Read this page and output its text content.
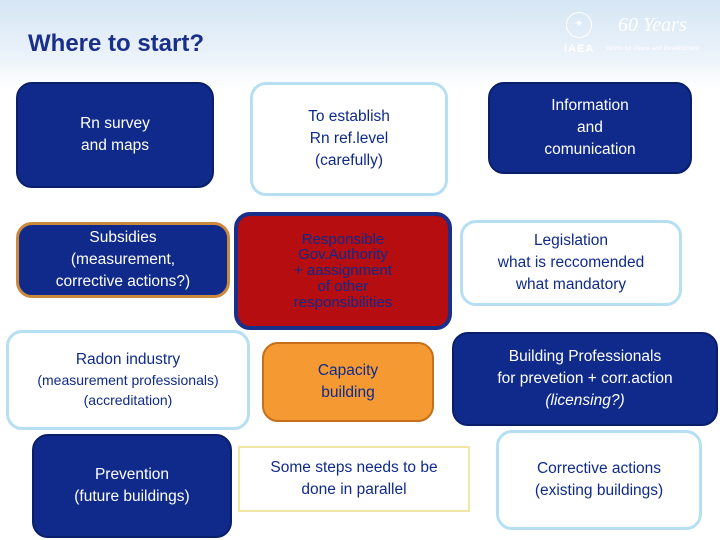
Where to start?
✦	60 Years
IAEA Atoms for Peace and Development
Rn survey
and maps
To establish
Rn ref.level
(carefully)
Information
and
comunication
Subsidies
(measurement,
corrective actions?)
Responsible
Gov.Authority
+ aassignment
of other
responsibilities
Legislation
what is reccomended
what mandatory
Radon industry
(measurement professionals)
(accreditation)
Capacity
building
Building Professionals
for prevetion + corr.action
(licensing?)
Prevention
(future buildings)
Some steps needs to be
done in parallel
Corrective actions
(existing buildings)
